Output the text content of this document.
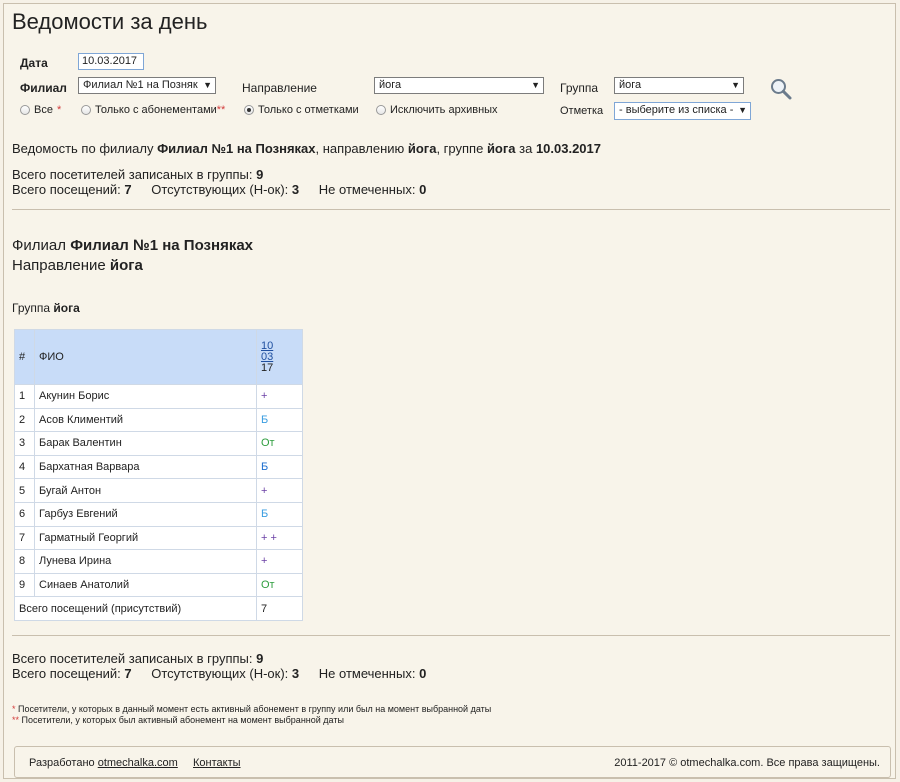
Ведомости за день
Дата	10.03.2017
Филиал	Филиал №1 на Позняк ▼	Направление	йога	▼ Группа	йога	▼
Все *	Только с абонементами **	Только с отметками	Исключить архивных	Отметка	- выберите из списка - ▼
Ведомость по филиалу Филиал №1 на Позняках, направлению йога, группе йога за 10.03.2017
Всего посетителей записаных в группы: 9
Всего посещений: 7 Отсутствующих (Н-ок): 3 Не отмеченных: 0
Филиал Филиал №1 на Позняках
Направление йога
Группа йога
#	ФИО	10
03
17

1	Акунин Борис	+
2	Асов Климентий	Б
3	Барак Валентин	От
4	Бархатная Варвара	Б
5	Бугай Антон	+
6	Гарбуз Евгений	Б
7	Гарматный Георгий	+ +
8	Лунева Ирина	+
9	Синаев Анатолий	От
Всего посещений (присутствий)		7
Всего посетителей записаных в группы: 9
Всего посещений: 7 Отсутствующих (Н-ок): 3 Не отмеченных: 0
* Посетители, у которых в данный момент есть активный абонемент в группу или был на момент выбранной даты
** Посетители, у которых был активный абонемент на момент выбранной даты
Разработано otmechalka.com Контакты	2011-2017 © otmechalka.com. Все права защищены.
